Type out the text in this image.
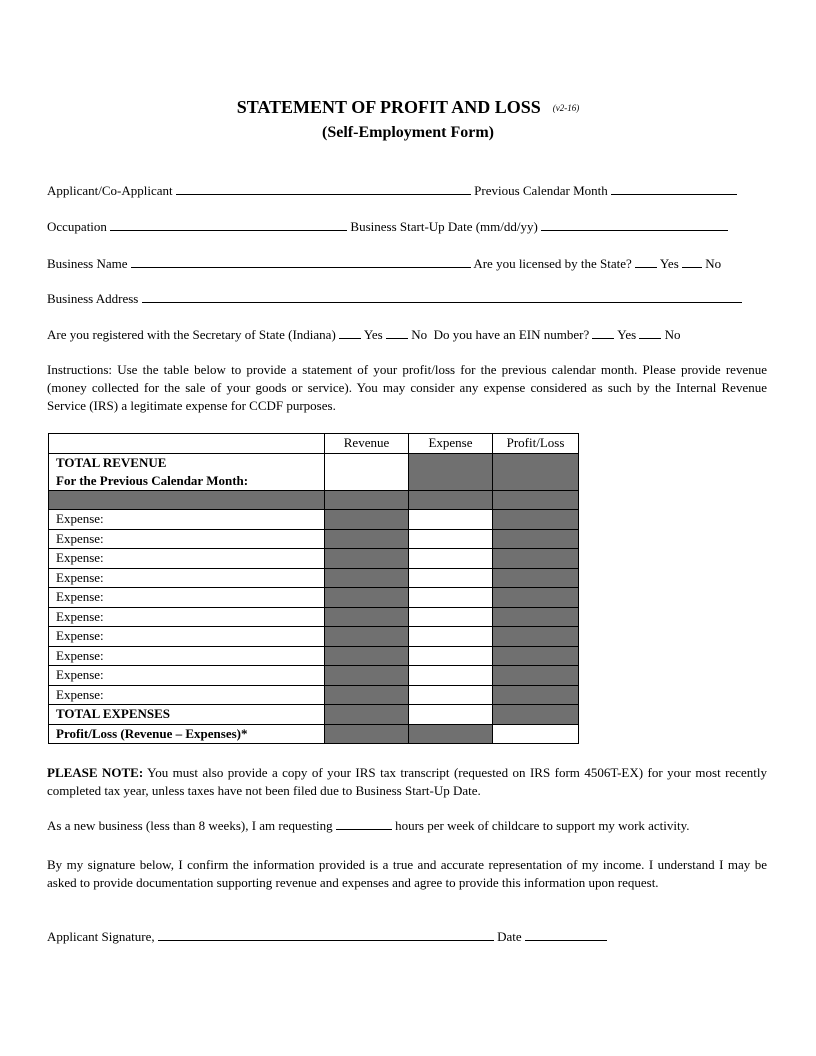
STATEMENT OF PROFIT AND LOSS (v2-16)
(Self-Employment Form)
Applicant/Co-Applicant	Previous Calendar Month
Occupation	Business Start-Up Date (mm/dd/yy)
Business Name	Are you licensed by the State? Yes No
Business Address
Are you registered with the Secretary of State (Indiana) Yes No Do you have an EIN number? Yes No
Instructions: Use the table below to provide a statement of your profit/loss for the previous calendar month. Please provide revenue (money collected for the sale of your goods or service). You may consider any expense considered as such by the Internal Revenue Service (IRS) a legitimate expense for CCDF purposes.
	Revenue	Expense	Profit/Loss

TOTAL REVENUE
For the Previous Calendar Month:			

Expense:			
Expense:			
Expense:			
Expense:			
Expense:			
Expense:			
Expense:			
Expense:			
Expense:			
Expense:			
TOTAL EXPENSES			
Profit/Loss (Revenue – Expenses)*			
PLEASE NOTE: You must also provide a copy of your IRS tax transcript (requested on IRS form 4506T-EX) for your most recently completed tax year, unless taxes have not been filed due to Business Start-Up Date.
As a new business (less than 8 weeks), I am requesting	hours per week of childcare to support my work activity.
By my signature below, I confirm the information provided is a true and accurate representation of my income. I understand I may be asked to provide documentation supporting revenue and expenses and agree to provide this information upon request.
Applicant Signature,	Date
